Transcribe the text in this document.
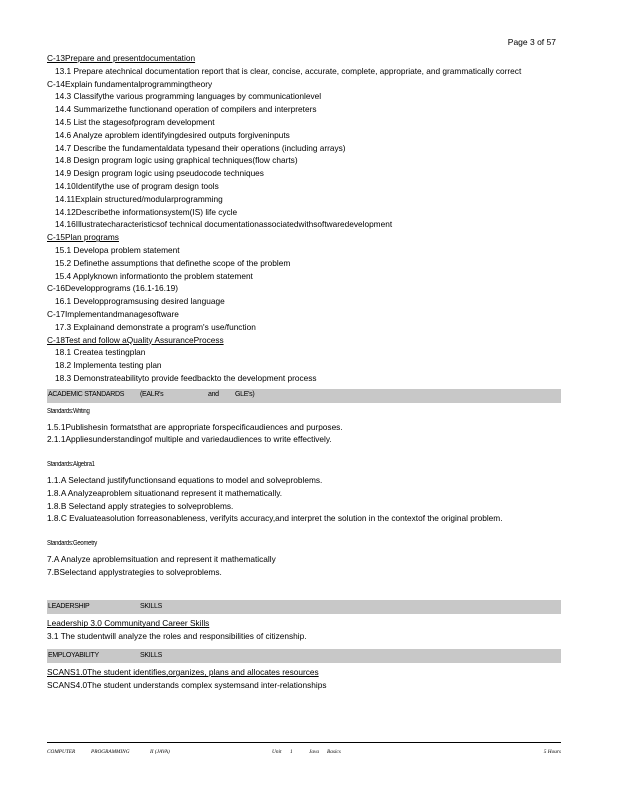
Page 3 of 57
C-13Prepare and presentdocumentation
13.1 Prepare atechnical documentation report that is clear, concise, accurate, complete, appropriate, and grammatically correct
C-14Explain fundamentalprogrammingtheory
14.3 Classifythe various programming languages by communicationlevel
14.4 Summarizethe functionand operation of compilers and interpreters
14.5 List the stagesofprogram development
14.6 Analyze aproblem identifyingdesired outputs forgiveninputs
14.7 Describe the fundamentaldata typesand their operations (including arrays)
14.8 Design program logic using graphical techniques(flow charts)
14.9 Design program logic using pseudocode techniques
14.10Identifythe use of program design tools
14.11Explain structured/modularprogramming
14.12Describethe informationsystem(IS) life cycle
14.16Illustratecharacteristicsof technical documentationassociatedwithsoftwaredevelopment
C-15Plan programs
15.1 Developa problem statement
15.2 Definethe assumptions that definethe scope of the problem
15.4 Applyknown informationto the problem statement
C-16Developprograms (16.1-16.19)
16.1 Developprogramsusing desired language
C-17Implementandmanagesoftware
17.3 Explainand demonstrate a program's use/function
C-18Test and follow aQuality AssuranceProcess
18.1 Createa testingplan
18.2 Implementa testing plan
18.3 Demonstrateabilityto provide feedbackto the development process
ACADEMIC STANDARDS	(EALR's	and	GLE's)
Standards:Writing
1.5.1Publishesin formatsthat are appropriate forspecificaudiences and purposes.
2.1.1Appliesunderstandingof multiple and variedaudiences to write effectively.
Standards:Algebra1
1.1.A Selectand justifyfunctionsand equations to model and solveproblems.
1.8.A Analyzeaproblem situationand represent it mathematically.
1.8.B Selectand apply strategies to solveproblems.
1.8.C Evaluateasolution forreasonableness, verifyits accuracy,and interpret the solution in the contextof the original problem.
Standards:Geometry
7.A Analyze aproblemsituation and represent it mathematically
7.BSelectand applystrategies to solveproblems.
LEADERSHIP	SKILLS
Leadership 3.0 Communityand Career Skills
3.1 The studentwill analyze the roles and responsibilities of citizenship.
EMPLOYABILITY	SKILLS
SCANS1.0The student identifies,organizes, plans and allocates resources
SCANS4.0The student understands complex systemsand inter-relationships
COMPUTER	PROGRAMMING	II (JAVA)	Unit 1	Java Basics	5 Hours
